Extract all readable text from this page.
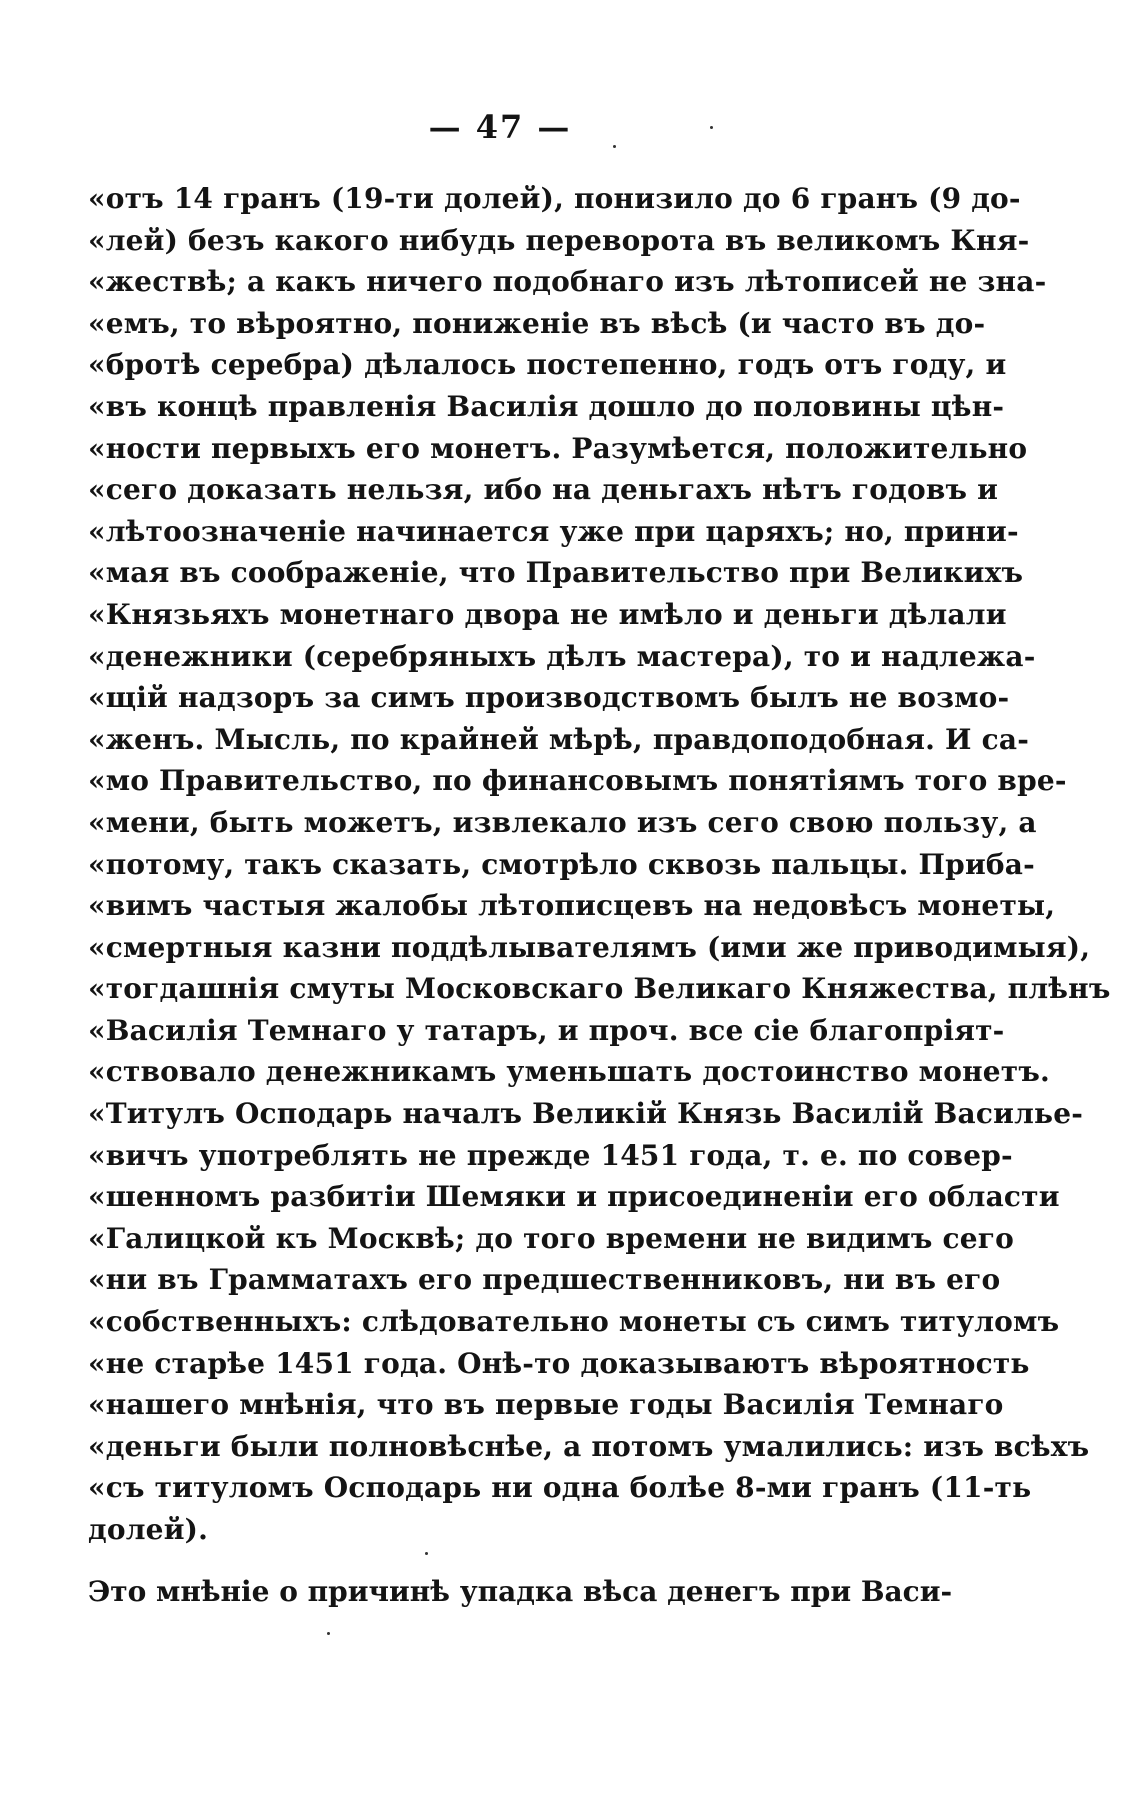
— 47 —
«отъ 14 гранъ (19-ти долей), понизило до 6 гранъ (9 до-
«лей) безъ какого нибудь переворота въ великомъ Кня-
«жествѣ; а какъ ничего подобнаго изъ лѣтописей не зна-
«емъ, то вѣроятно, пониженіе въ вѣсѣ (и часто въ до-
«бротѣ серебра) дѣлалось постепенно, годъ отъ году, и
«въ концѣ правленія Василія дошло до половины цѣн-
«ности первыхъ его монетъ. Разумѣется, положительно
«сего доказать нельзя, ибо на деньгахъ нѣтъ годовъ и
«лѣтоозначеніе начинается уже при царяхъ; но, прини-
«мая въ соображеніе, что Правительство при Великихъ
«Князьяхъ монетнаго двора не имѣло и деньги дѣлали
«денежники (серебряныхъ дѣлъ мастера), то и надлежа-
«щій надзоръ за симъ производствомъ былъ не возмо-
«женъ. Мысль, по крайней мѣрѣ, правдоподобная. И са-
«мо Правительство, по финансовымъ понятіямъ того вре-
«мени, быть можетъ, извлекало изъ сего свою пользу, а
«потому, такъ сказать, смотрѣло сквозь пальцы. Приба-
«вимъ частыя жалобы лѣтописцевъ на недовѣсъ монеты,
«смертныя казни поддѣлывателямъ (ими же приводимыя),
«тогдашнія смуты Московскаго Великаго Княжества, плѣнъ
«Василія Темнаго у татаръ, и проч. все сіе благопріят-
«ствовало денежникамъ уменьшать достоинство монетъ.
«Титулъ Осподарь началъ Великій Князь Василій Василье-
«вичъ употреблять не прежде 1451 года, т. е. по совер-
«шенномъ разбитіи Шемяки и присоединеніи его области
«Галицкой къ Москвѣ; до того времени не видимъ сего
«ни въ Грамматахъ его предшественниковъ, ни въ его
«собственныхъ: слѣдовательно монеты съ симъ титуломъ
«не старѣе 1451 года. Онѣ-то доказываютъ вѣроятность
«нашего мнѣнія, что въ первые годы Василія Темнаго
«деньги были полновѣснѣе, а потомъ умалились: изъ всѣхъ
«съ титуломъ Осподарь ни одна болѣе 8-ми гранъ (11-ть
долей).
Это мнѣніе о причинѣ упадка вѣса денегъ при Васи-
